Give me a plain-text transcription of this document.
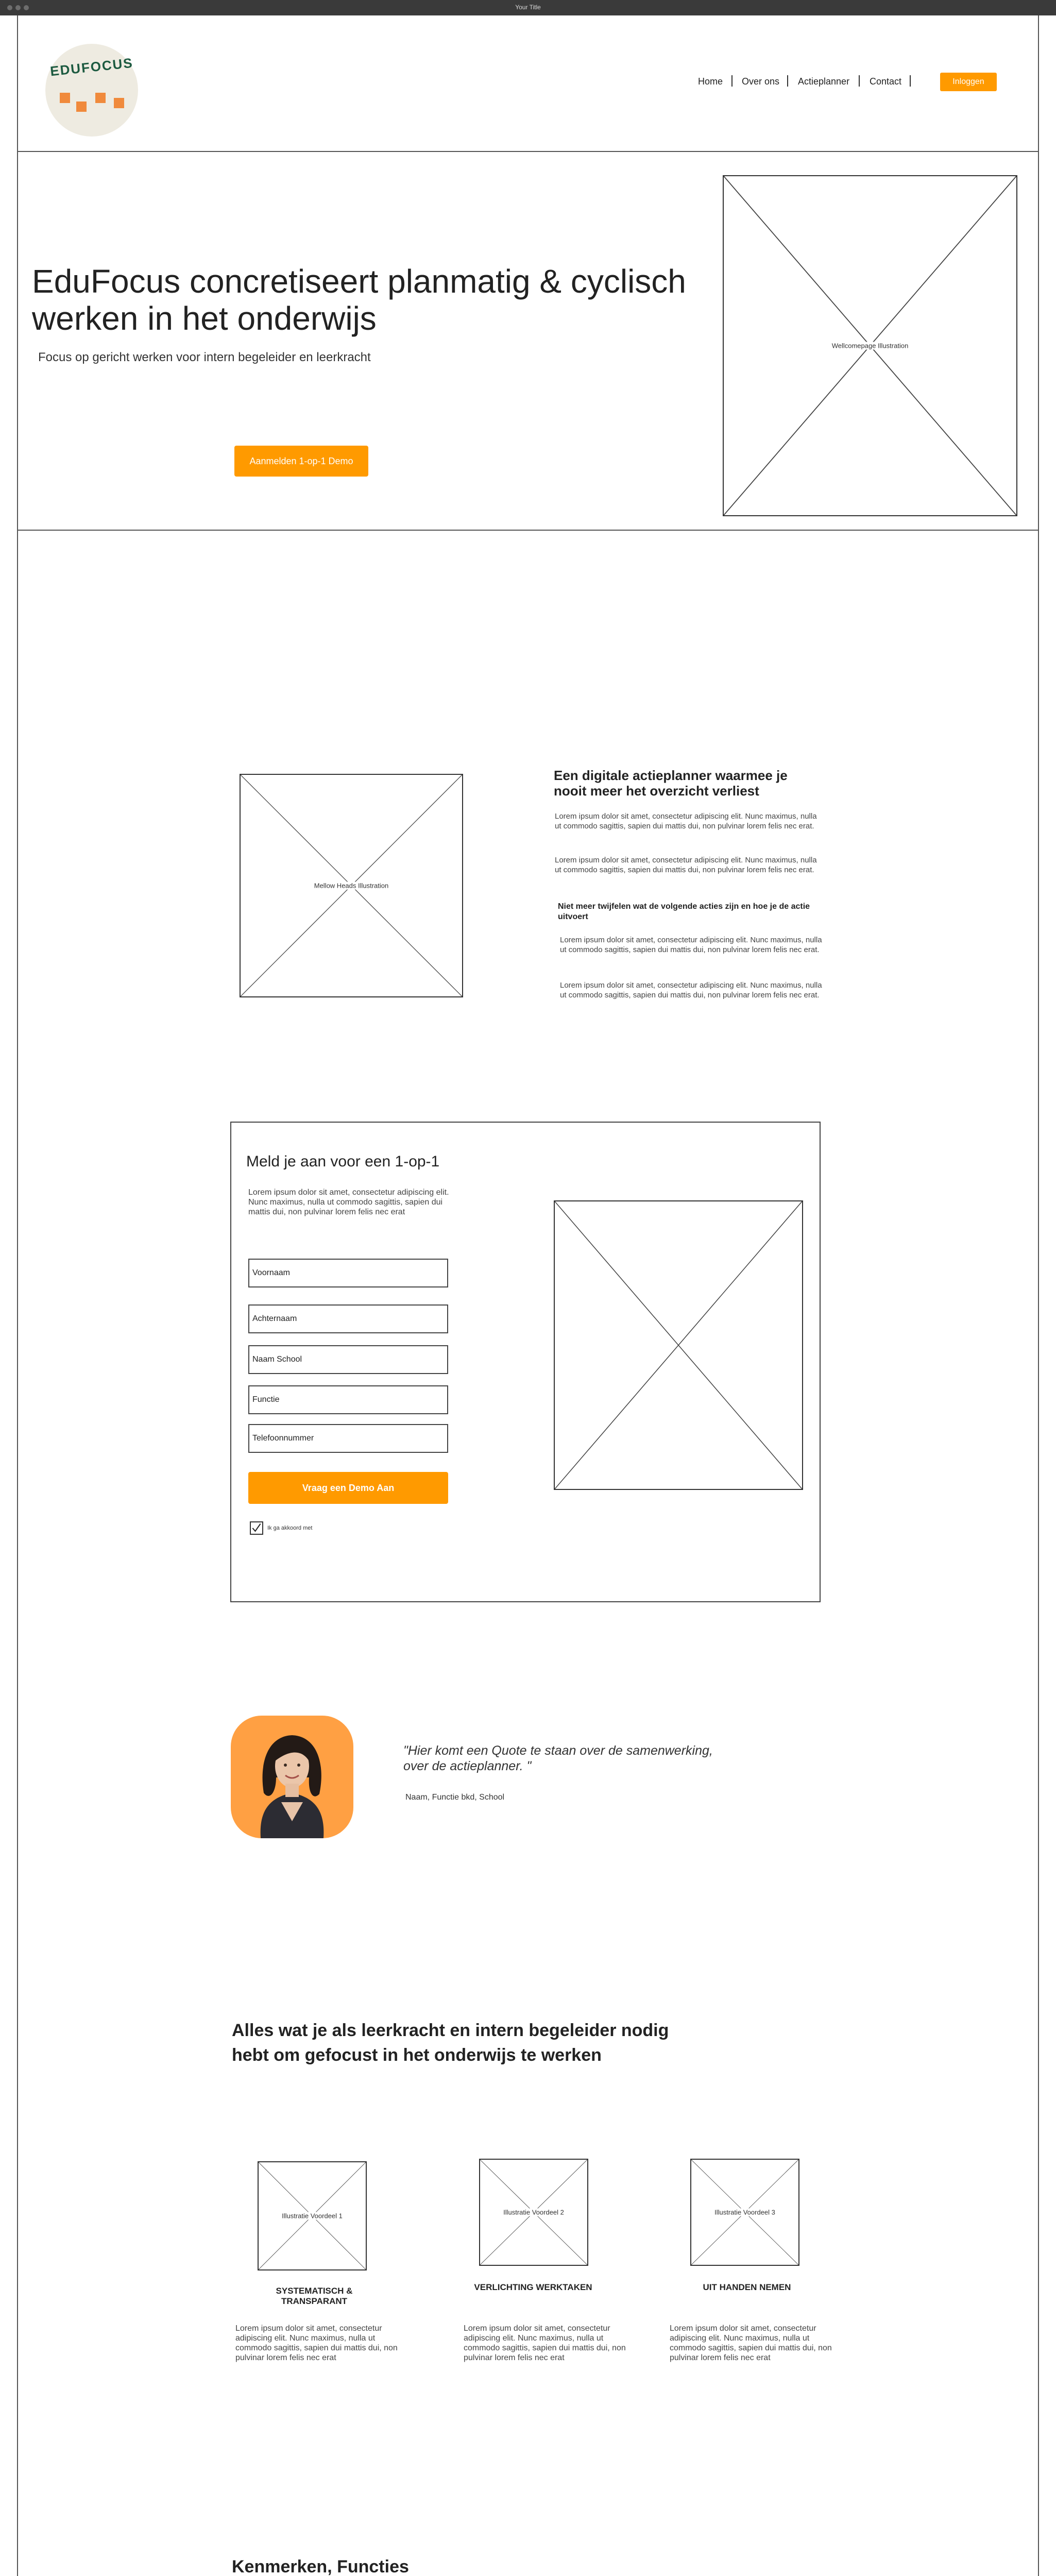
Your Title
EDUFOCUS
Home Over ons Actieplanner Contact	Inloggen
EduFocus concretiseert planmatig & cyclisch werken in het onderwijs

Focus op gericht werken voor intern begeleider en leerkracht

Aanmelden 1-op-1 Demo
Wellcomepage Illustration
Mellow Heads Illustration
Een digitale actieplanner waarmee je nooit meer het overzicht verliest

Lorem ipsum dolor sit amet, consectetur adipiscing elit. Nunc maximus, nulla ut commodo sagittis, sapien dui mattis dui, non pulvinar lorem felis nec erat.

Lorem ipsum dolor sit amet, consectetur adipiscing elit. Nunc maximus, nulla ut commodo sagittis, sapien dui mattis dui, non pulvinar lorem felis nec erat.

Niet meer twijfelen wat de volgende acties zijn en hoe je de actie uitvoert

Lorem ipsum dolor sit amet, consectetur adipiscing elit. Nunc maximus, nulla ut commodo sagittis, sapien dui mattis dui, non pulvinar lorem felis nec erat.

Lorem ipsum dolor sit amet, consectetur adipiscing elit. Nunc maximus, nulla ut commodo sagittis, sapien dui mattis dui, non pulvinar lorem felis nec erat.

Meld je aan voor een 1-op-1

Lorem ipsum dolor sit amet, consectetur adipiscing elit. Nunc maximus, nulla ut commodo sagittis, sapien dui mattis dui, non pulvinar lorem felis nec erat

Voornaam
Achternaam
Naam School
Functie
Telefoonnummer
Vraag een Demo Aan
Ik ga akkoord met

"Hier komt een Quote te staan over de samenwerking, over de actieplanner. "

Naam, Functie bkd, School

Alles wat je als leerkracht en intern begeleider nodig hebt om gefocust in het onderwijs te werken
Illustratie Voordeel 1	Illustratie Voordeel 2	Illustratie Voordeel 3
SYSTEMATISCH & TRANSPARANT
VERLICHTING WERKTAKEN	UIT HANDEN NEMEN

Lorem ipsum dolor sit amet, consectetur adipiscing elit. Nunc maximus, nulla ut commodo sagittis, sapien dui mattis dui, non pulvinar lorem felis nec erat

Lorem ipsum dolor sit amet, consectetur adipiscing elit. Nunc maximus, nulla ut commodo sagittis, sapien dui mattis dui, non pulvinar lorem felis nec erat

Lorem ipsum dolor sit amet, consectetur adipiscing elit. Nunc maximus, nulla ut commodo sagittis, sapien dui mattis dui, non pulvinar lorem felis nec erat

Kenmerken, Functies
